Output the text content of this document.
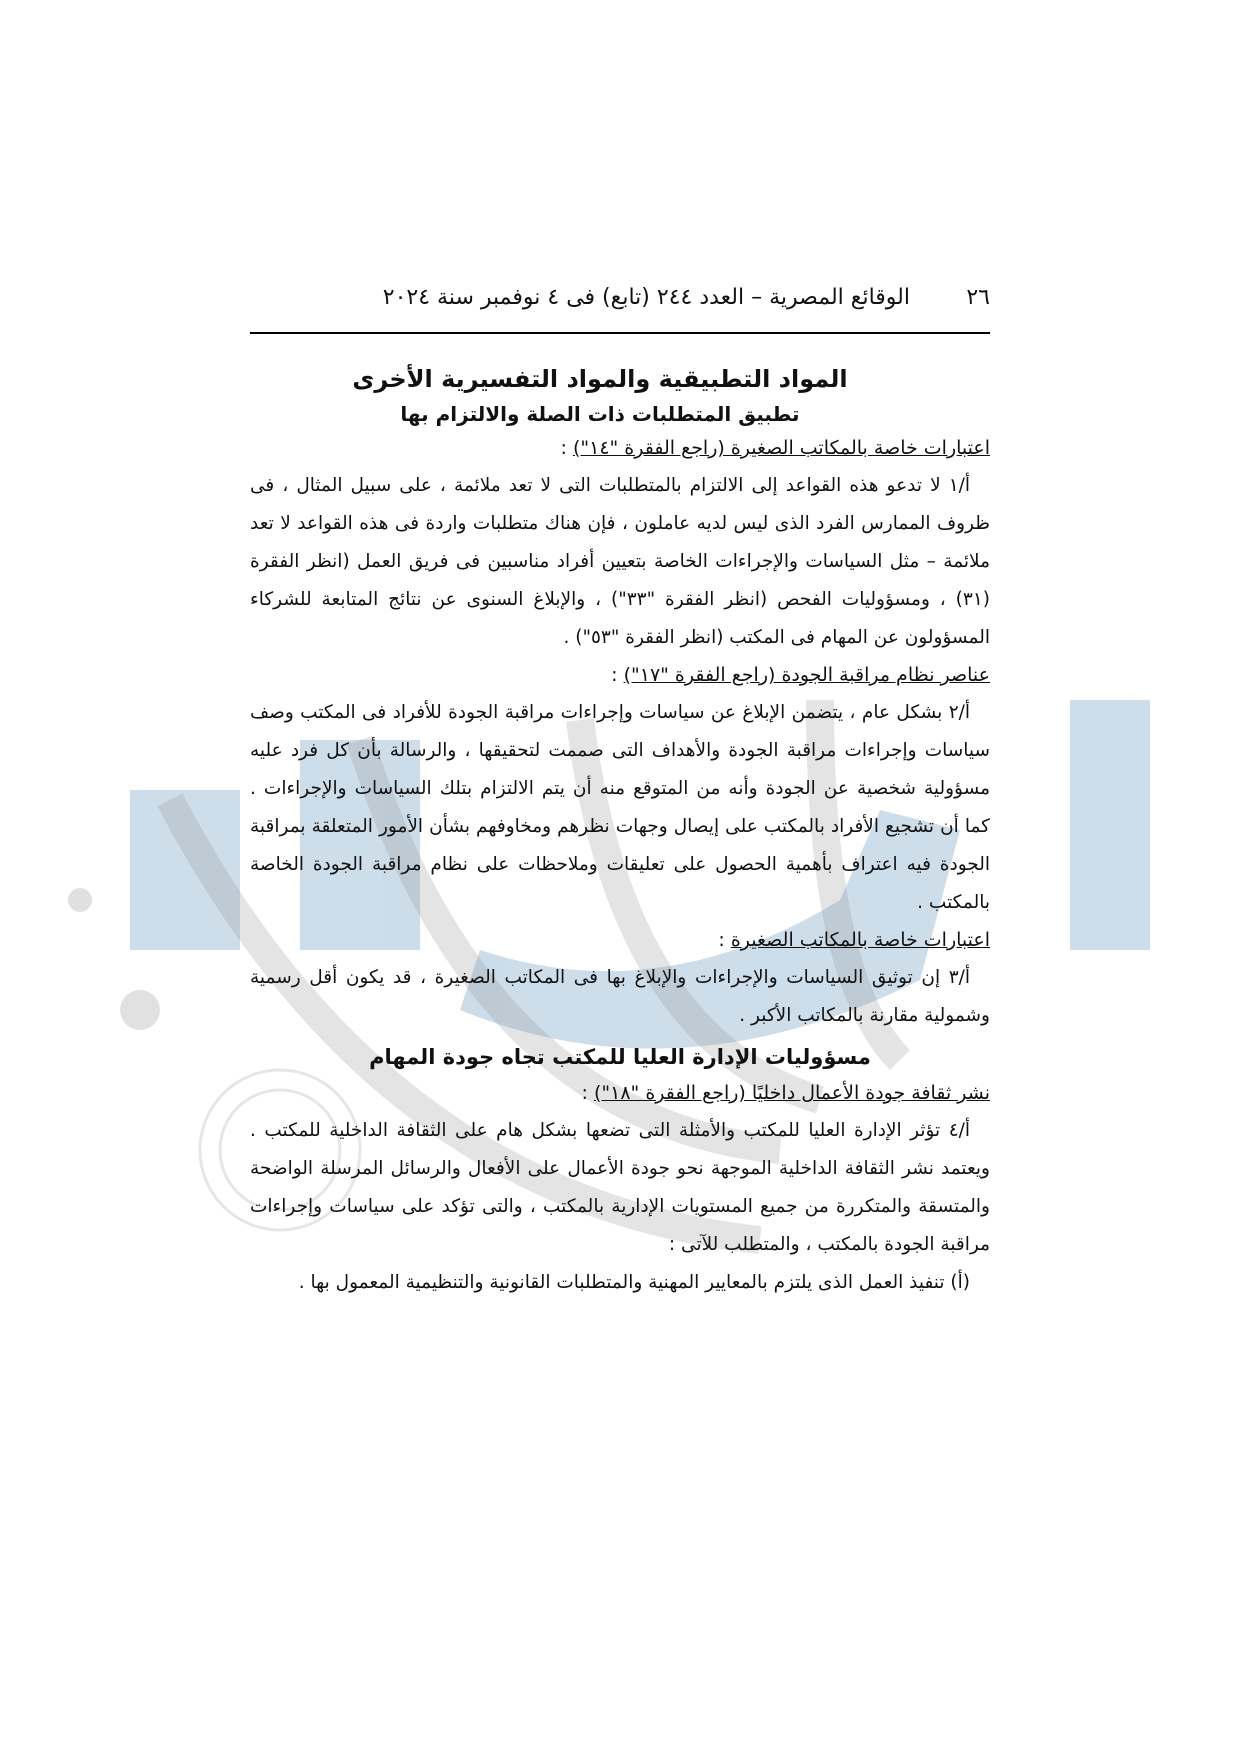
٢٦
الوقائع المصرية – العدد ٢٤٤ (تابع) فى ٤ نوفمبر سنة ٢٠٢٤
المواد التطبيقية والمواد التفسيرية الأخرى
تطبيق المتطلبات ذات الصلة والالتزام بها
اعتبارات خاصة بالمكاتب الصغيرة (راجع الفقرة "١٤") :

أ/١ لا تدعو هذه القواعد إلى الالتزام بالمتطلبات التى لا تعد ملائمة ، على سبيل المثال ، فى ظروف الممارس الفرد الذى ليس لديه عاملون ، فإن هناك متطلبات واردة فى هذه القواعد لا تعد ملائمة – مثل السياسات والإجراءات الخاصة بتعيين أفراد مناسبين فى فريق العمل (انظر الفقرة (٣١) ، ومسؤوليات الفحص (انظر الفقرة "٣٣") ، والإبلاغ السنوى عن نتائج المتابعة للشركاء المسؤولون عن المهام فى المكتب (انظر الفقرة "٥٣") .

عناصر نظام مراقبة الجودة (راجع الفقرة "١٧") :

أ/٢ بشكل عام ، يتضمن الإبلاغ عن سياسات وإجراءات مراقبة الجودة للأفراد فى المكتب وصف سياسات وإجراءات مراقبة الجودة والأهداف التى صممت لتحقيقها ، والرسالة بأن كل فرد عليه مسؤولية شخصية عن الجودة وأنه من المتوقع منه أن يتم الالتزام بتلك السياسات والإجراءات . كما أن تشجيع الأفراد بالمكتب على إيصال وجهات نظرهم ومخاوفهم بشأن الأمور المتعلقة بمراقبة الجودة فيه اعتراف بأهمية الحصول على تعليقات وملاحظات على نظام مراقبة الجودة الخاصة بالمكتب .

اعتبارات خاصة بالمكاتب الصغيرة :

أ/٣ إن توثيق السياسات والإجراءات والإبلاغ بها فى المكاتب الصغيرة ، قد يكون أقل رسمية وشمولية مقارنة بالمكاتب الأكبر .

مسؤوليات الإدارة العليا للمكتب تجاه جودة المهام
نشر ثقافة جودة الأعمال داخليًا (راجع الفقرة "١٨") :

أ/٤ تؤثر الإدارة العليا للمكتب والأمثلة التى تضعها بشكل هام على الثقافة الداخلية للمكتب . ويعتمد نشر الثقافة الداخلية الموجهة نحو جودة الأعمال على الأفعال والرسائل المرسلة الواضحة والمتسقة والمتكررة من جميع المستويات الإدارية بالمكتب ، والتى تؤكد على سياسات وإجراءات مراقبة الجودة بالمكتب ، والمتطلب للآتى :

(أ) تنفيذ العمل الذى يلتزم بالمعايير المهنية والمتطلبات القانونية والتنظيمية المعمول بها .
